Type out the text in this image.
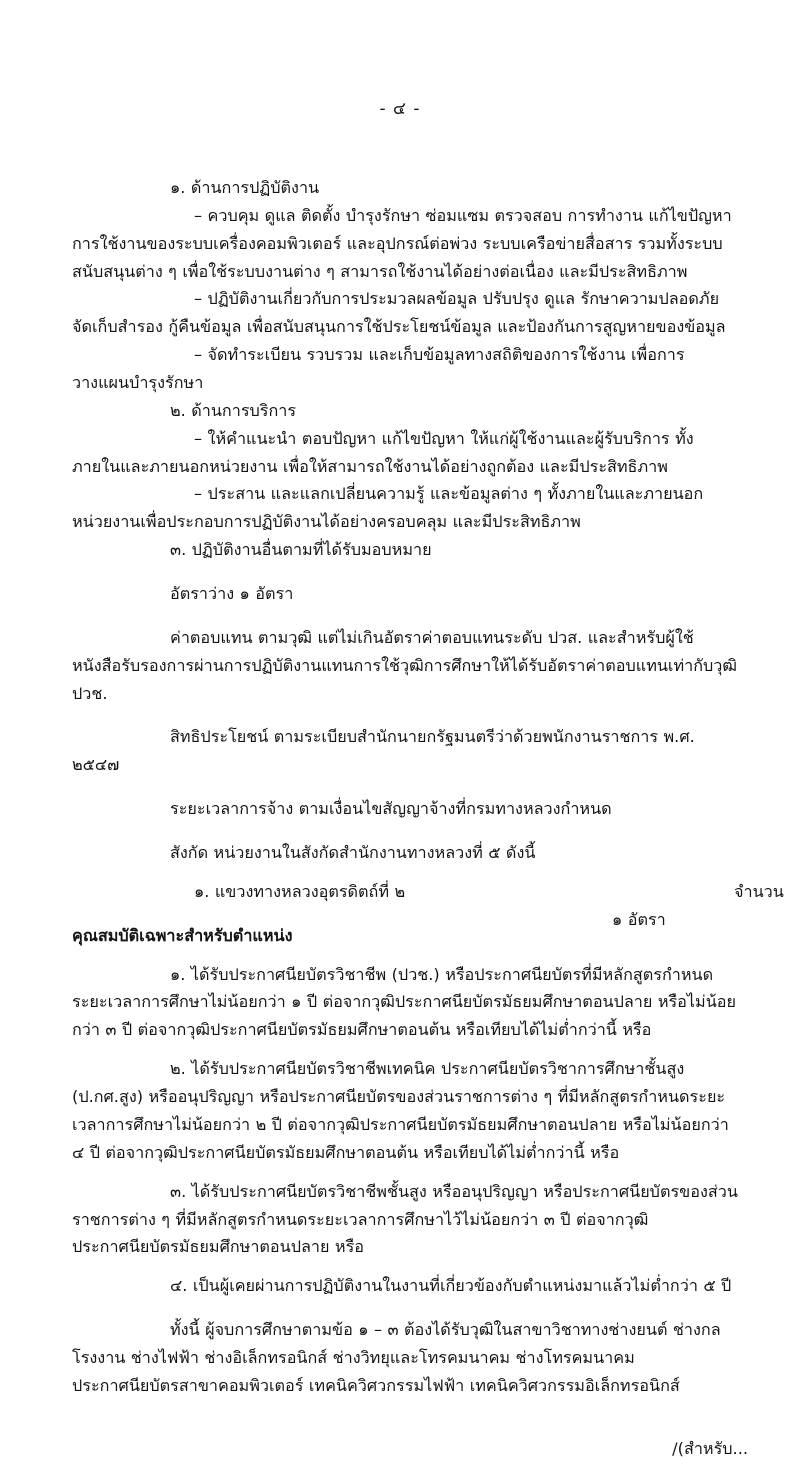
- ๔ -

๑. ด้านการปฏิบัติงาน

– ควบคุม ดูแล ติดตั้ง บำรุงรักษา ซ่อมแซม ตรวจสอบ การทำงาน แก้ไขปัญหาการใช้งานของระบบเครื่องคอมพิวเตอร์ และอุปกรณ์ต่อพ่วง ระบบเครือข่ายสื่อสาร รวมทั้งระบบสนับสนุนต่าง ๆ เพื่อใช้ระบบงานต่าง ๆ สามารถใช้งานได้อย่างต่อเนื่อง และมีประสิทธิภาพ

– ปฏิบัติงานเกี่ยวกับการประมวลผลข้อมูล ปรับปรุง ดูแล รักษาความปลอดภัย จัดเก็บสำรอง กู้คืนข้อมูล เพื่อสนับสนุนการใช้ประโยชน์ข้อมูล และป้องกันการสูญหายของข้อมูล

– จัดทำระเบียน รวบรวม และเก็บข้อมูลทางสถิติของการใช้งาน เพื่อการวางแผนบำรุงรักษา

๒. ด้านการบริการ

– ให้คำแนะนำ ตอบปัญหา แก้ไขปัญหา ให้แก่ผู้ใช้งานและผู้รับบริการ ทั้งภายในและภายนอกหน่วยงาน เพื่อให้สามารถใช้งานได้อย่างถูกต้อง และมีประสิทธิภาพ

– ประสาน และแลกเปลี่ยนความรู้ และข้อมูลต่าง ๆ ทั้งภายในและภายนอกหน่วยงานเพื่อประกอบการปฏิบัติงานได้อย่างครอบคลุม และมีประสิทธิภาพ

๓. ปฏิบัติงานอื่นตามที่ได้รับมอบหมาย

อัตราว่าง ๑ อัตรา

ค่าตอบแทน ตามวุฒิ แต่ไม่เกินอัตราค่าตอบแทนระดับ ปวส. และสำหรับผู้ใช้หนังสือรับรองการผ่านการปฏิบัติงานแทนการใช้วุฒิการศึกษาให้ได้รับอัตราค่าตอบแทนเท่ากับวุฒิ ปวช.

สิทธิประโยชน์ ตามระเบียบสำนักนายกรัฐมนตรีว่าด้วยพนักงานราชการ พ.ศ. ๒๕๔๗

ระยะเวลาการจ้าง ตามเงื่อนไขสัญญาจ้างที่กรมทางหลวงกำหนด

สังกัด หน่วยงานในสังกัดสำนักงานทางหลวงที่ ๕ ดังนี้

๑. แขวงทางหลวงอุตรดิตถ์ที่ ๒	จำนวน ๑ อัตรา

คุณสมบัติเฉพาะสำหรับตำแหน่ง

๑. ได้รับประกาศนียบัตรวิชาชีพ (ปวช.) หรือประกาศนียบัตรที่มีหลักสูตรกำหนดระยะเวลาการศึกษาไม่น้อยกว่า ๑ ปี ต่อจากวุฒิประกาศนียบัตรมัธยมศึกษาตอนปลาย หรือไม่น้อยกว่า ๓ ปี ต่อจากวุฒิประกาศนียบัตรมัธยมศึกษาตอนต้น หรือเทียบได้ไม่ต่ำกว่านี้ หรือ

๒. ได้รับประกาศนียบัตรวิชาชีพเทคนิค ประกาศนียบัตรวิชาการศึกษาชั้นสูง (ป.กศ.สูง) หรืออนุปริญญา หรือประกาศนียบัตรของส่วนราชการต่าง ๆ ที่มีหลักสูตรกำหนดระยะเวลาการศึกษาไม่น้อยกว่า ๒ ปี ต่อจากวุฒิประกาศนียบัตรมัธยมศึกษาตอนปลาย หรือไม่น้อยกว่า ๔ ปี ต่อจากวุฒิประกาศนียบัตรมัธยมศึกษาตอนต้น หรือเทียบได้ไม่ต่ำกว่านี้ หรือ

๓. ได้รับประกาศนียบัตรวิชาชีพชั้นสูง หรืออนุปริญญา หรือประกาศนียบัตรของส่วนราชการต่าง ๆ ที่มีหลักสูตรกำหนดระยะเวลาการศึกษาไว้ไม่น้อยกว่า ๓ ปี ต่อจากวุฒิประกาศนียบัตรมัธยมศึกษาตอนปลาย หรือ

๔. เป็นผู้เคยผ่านการปฏิบัติงานในงานที่เกี่ยวข้องกับตำแหน่งมาแล้วไม่ต่ำกว่า ๕ ปี

ทั้งนี้ ผู้จบการศึกษาตามข้อ ๑ – ๓ ต้องได้รับวุฒิในสาขาวิชาทางช่างยนต์ ช่างกลโรงงาน ช่างไฟฟ้า ช่างอิเล็กทรอนิกส์ ช่างวิทยุและโทรคมนาคม ช่างโทรคมนาคม ประกาศนียบัตรสาขาคอมพิวเตอร์ เทคนิควิศวกรรมไฟฟ้า เทคนิควิศวกรรมอิเล็กทรอนิกส์

/(สำหรับ...
